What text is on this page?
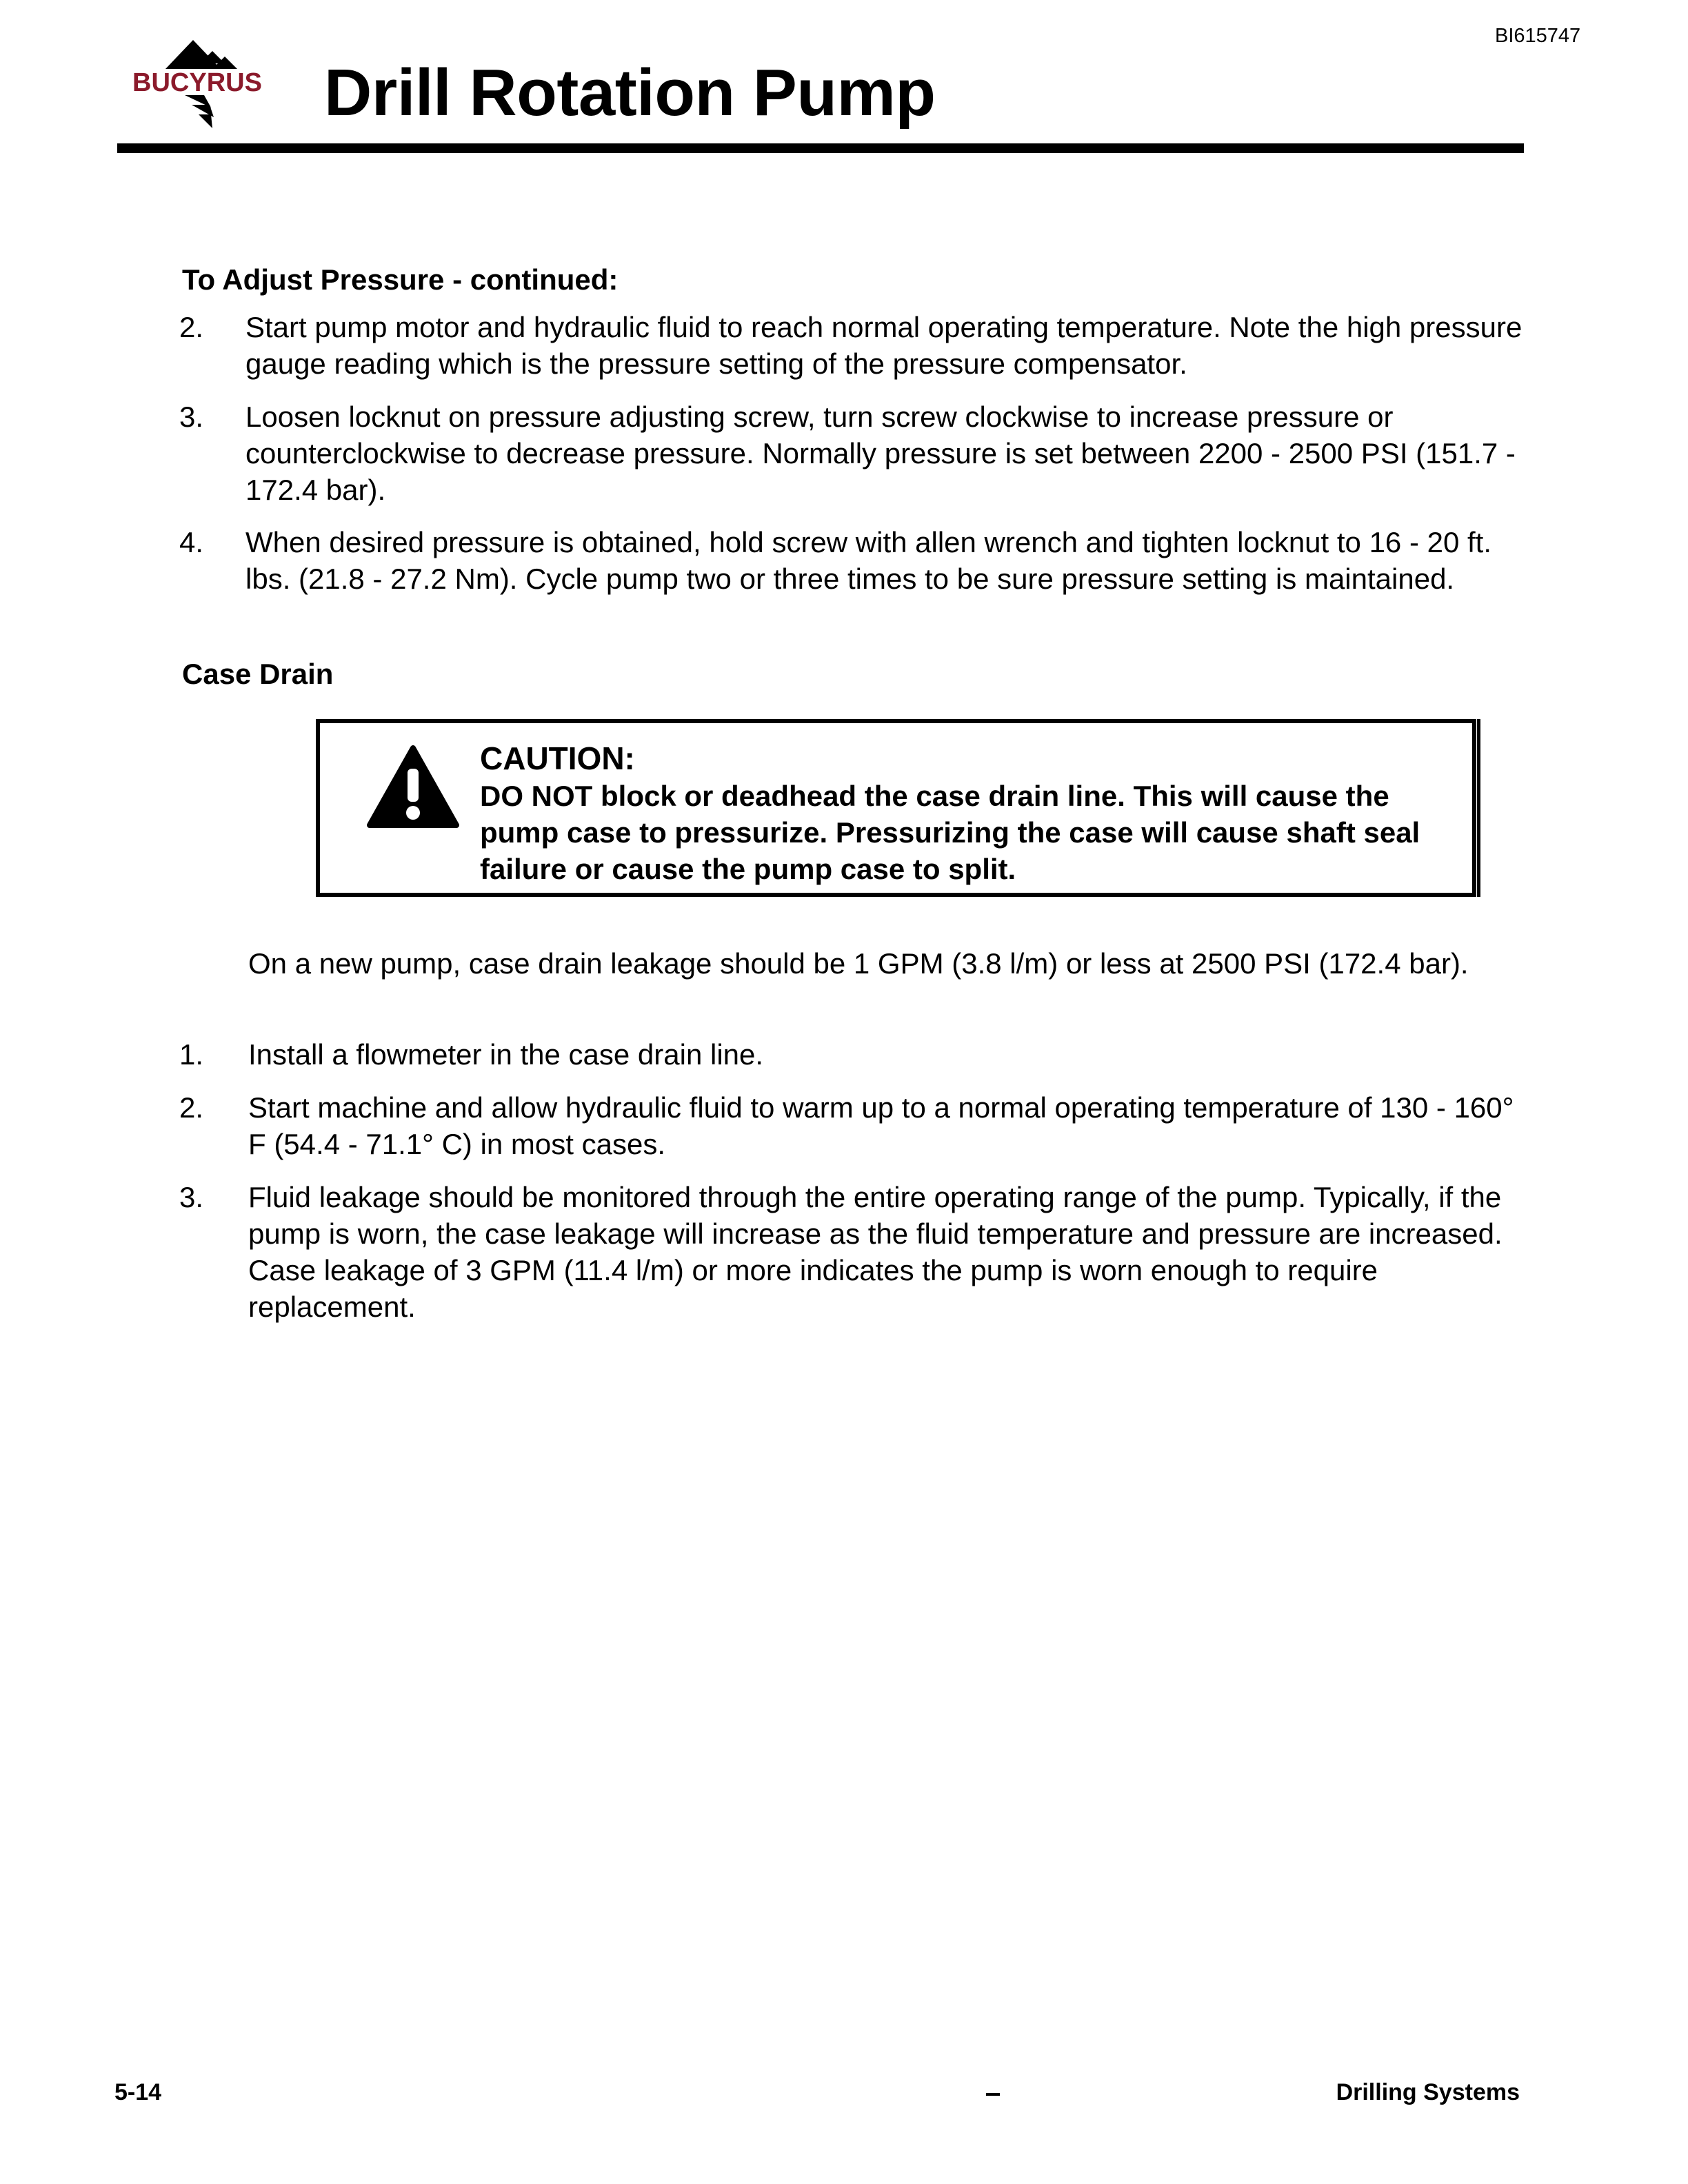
BI615747
BUCYRUS Drill Rotation Pump
To Adjust Pressure - continued:
2. Start pump motor and hydraulic fluid to reach normal operating temperature. Note the high pressure gauge reading which is the pressure setting of the pressure compensator.
3. Loosen locknut on pressure adjusting screw, turn screw clockwise to increase pressure or counterclockwise to decrease pressure. Normally pressure is set between 2200 - 2500 PSI (151.7 - 172.4 bar).
4. When desired pressure is obtained, hold screw with allen wrench and tighten locknut to 16 - 20 ft. lbs. (21.8 - 27.2 Nm). Cycle pump two or three times to be sure pressure setting is maintained.
Case Drain
CAUTION:
DO NOT block or deadhead the case drain line. This will cause the pump case to pressurize. Pressurizing the case will cause shaft seal failure or cause the pump case to split.
On a new pump, case drain leakage should be 1 GPM (3.8 l/m) or less at 2500 PSI (172.4 bar).
1. Install a flowmeter in the case drain line.
2. Start machine and allow hydraulic fluid to warm up to a normal operating temperature of 130 - 160° F (54.4 - 71.1° C) in most cases.
3. Fluid leakage should be monitored through the entire operating range of the pump. Typically, if the pump is worn, the case leakage will increase as the fluid temperature and pressure are increased. Case leakage of 3 GPM (11.4 l/m) or more indicates the pump is worn enough to require replacement.
5-14	Drilling Systems
